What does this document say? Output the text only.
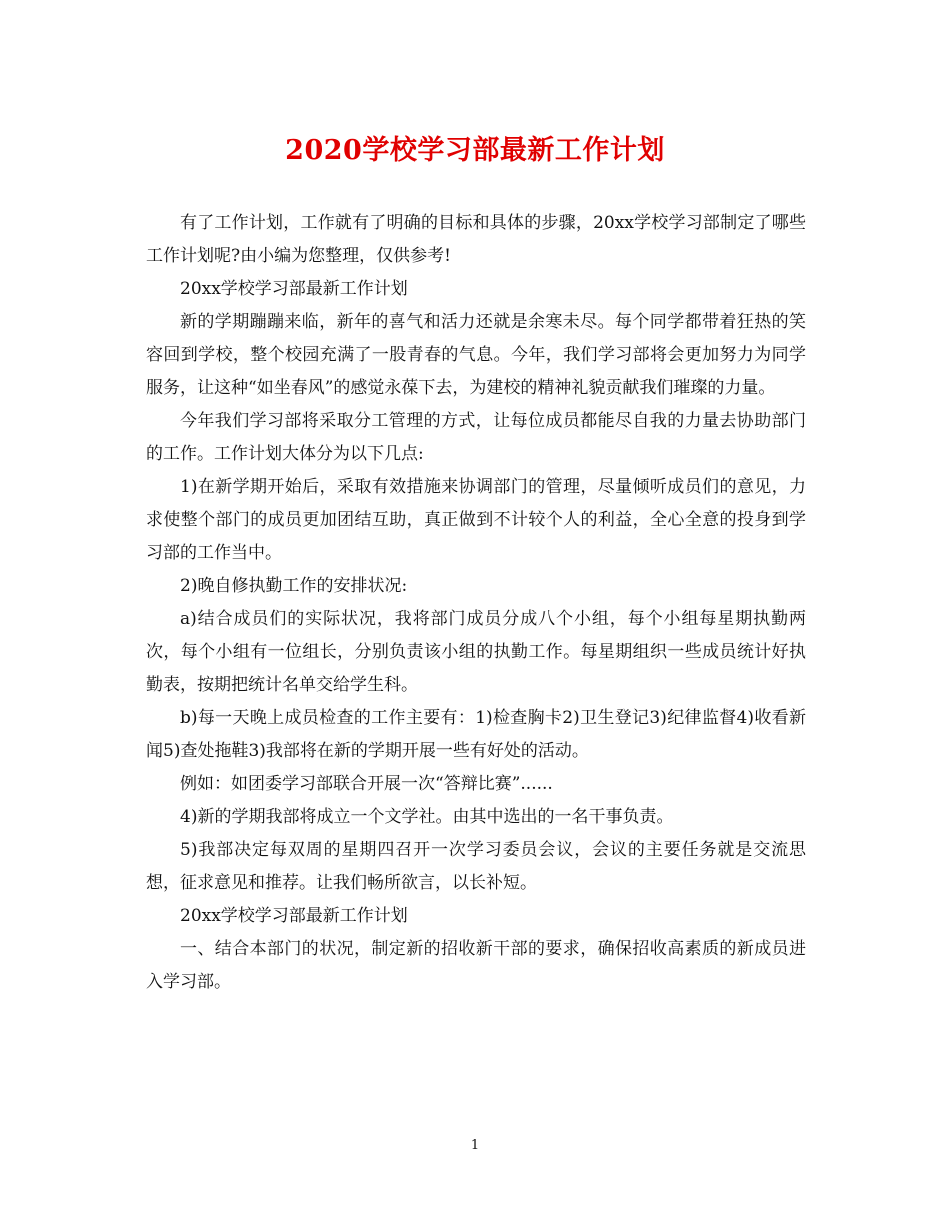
2020学校学习部最新工作计划

有了工作计划，工作就有了明确的目标和具体的步骤，20xx学校学习部制定了哪些工作计划呢?由小编为您整理，仅供参考!

20xx学校学习部最新工作计划

新的学期蹦蹦来临，新年的喜气和活力还就是余寒未尽。每个同学都带着狂热的笑容回到学校，整个校园充满了一股青春的气息。今年，我们学习部将会更加努力为同学服务，让这种“如坐春风”的感觉永葆下去，为建校的精神礼貌贡献我们璀璨的力量。

今年我们学习部将采取分工管理的方式，让每位成员都能尽自我的力量去协助部门的工作。工作计划大体分为以下几点:

1)在新学期开始后，采取有效措施来协调部门的管理，尽量倾听成员们的意见，力求使整个部门的成员更加团结互助，真正做到不计较个人的利益，全心全意的投身到学习部的工作当中。

2)晚自修执勤工作的安排状况:

a)结合成员们的实际状况，我将部门成员分成八个小组，每个小组每星期执勤两次，每个小组有一位组长，分别负责该小组的执勤工作。每星期组织一些成员统计好执勤表，按期把统计名单交给学生科。

b)每一天晚上成员检查的工作主要有：1)检查胸卡2)卫生登记3)纪律监督4)收看新闻5)查处拖鞋3)我部将在新的学期开展一些有好处的活动。

例如：如团委学习部联合开展一次“答辩比赛”......

4)新的学期我部将成立一个文学社。由其中选出的一名干事负责。

5)我部决定每双周的星期四召开一次学习委员会议，会议的主要任务就是交流思想，征求意见和推荐。让我们畅所欲言，以长补短。

20xx学校学习部最新工作计划

一、结合本部门的状况，制定新的招收新干部的要求，确保招收高素质的新成员进入学习部。

1
